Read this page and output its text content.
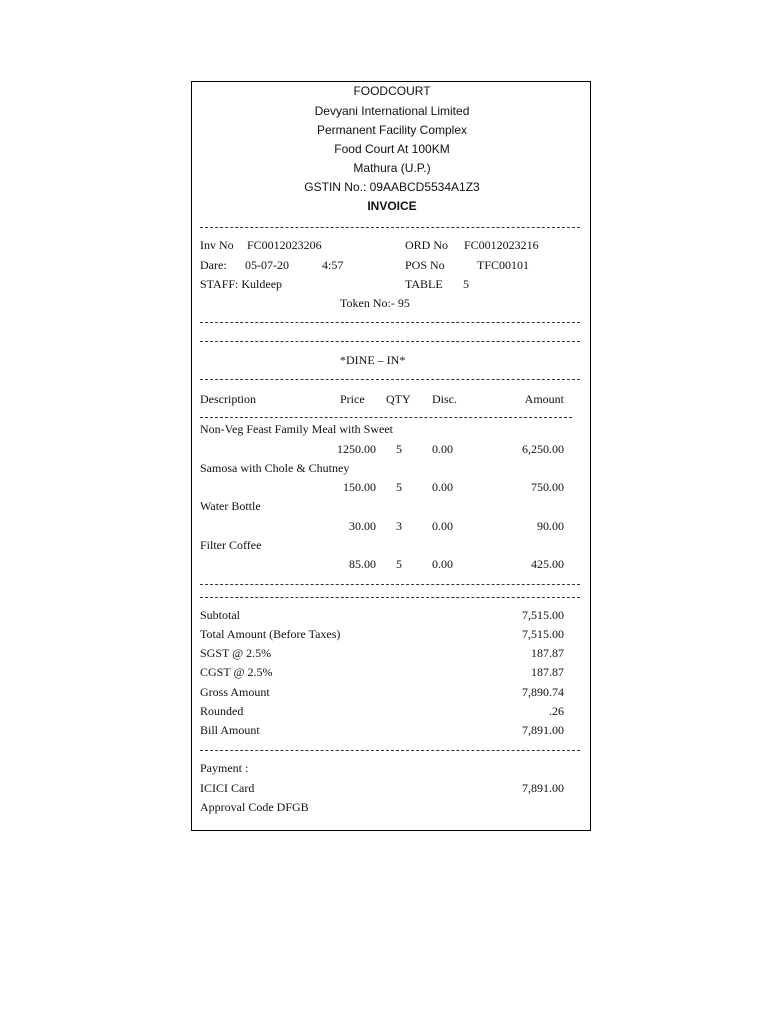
FOODCOURT
Devyani International Limited
Permanent Facility Complex
Food Court At 100KM
Mathura (U.P.)
GSTIN No.: 09AABCD5534A1Z3
INVOICE
Inv No FC0012023206	ORD No FC0012023216
Dare: 05-07-20	4:57	POS No	TFC00101
STAFF: Kuldeep	TABLE 5
Token No:- 95
*DINE – IN*
Description	Price QTY Disc.	Amount
Non-Veg Feast Family Meal with Sweet
1250.00 5	0.00	6,250.00
Samosa with Chole & Chutney
150.00 5	0.00	750.00
Water Bottle
30.00 3	0.00	90.00
Filter Coffee
85.00 5	0.00	425.00
Subtotal	7,515.00
Total Amount (Before Taxes)	7,515.00
SGST @ 2.5%	187.87
CGST @ 2.5%	187.87
Gross Amount	7,890.74
Rounded	.26
Bill Amount	7,891.00
Payment :
ICICI Card	7,891.00
Approval Code DFGB
